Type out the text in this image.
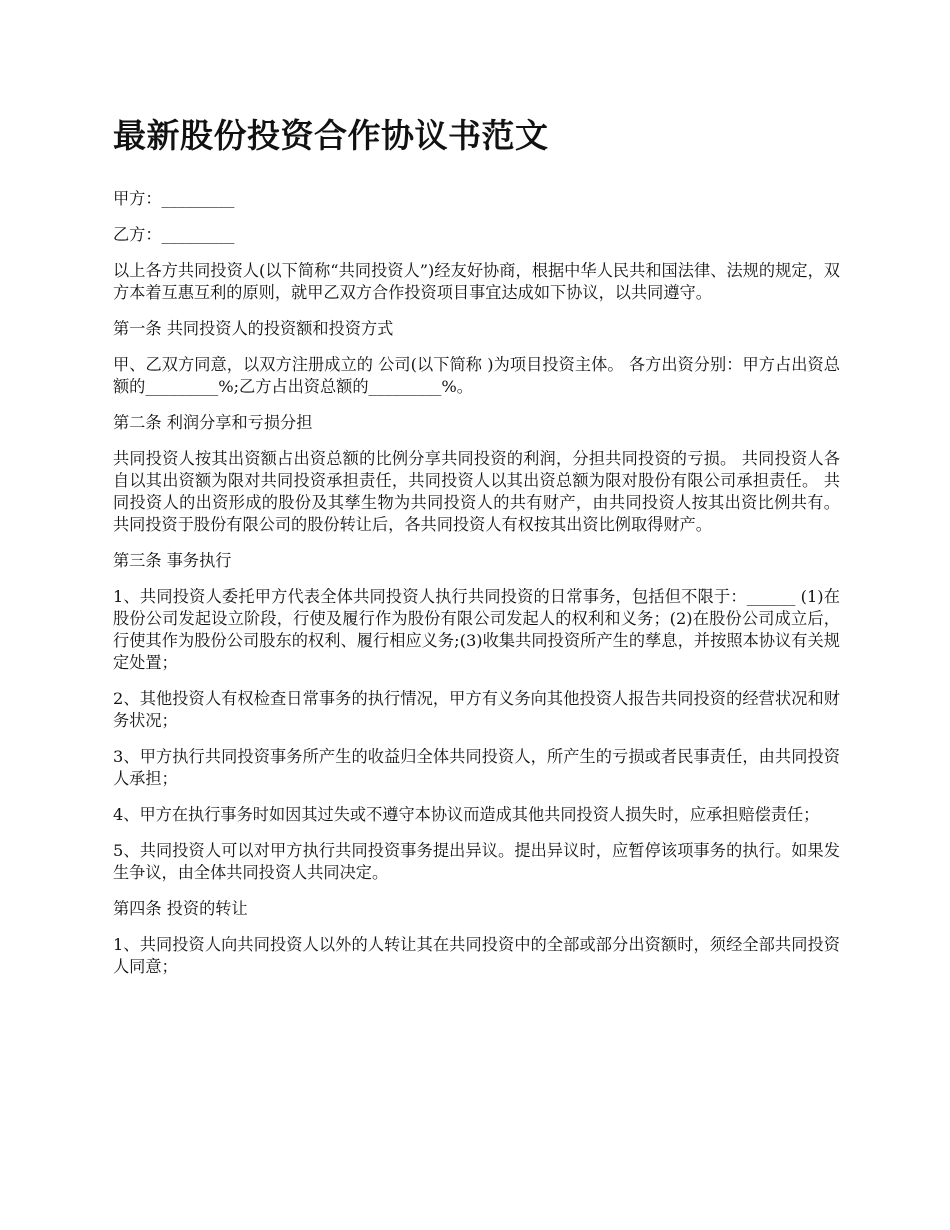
最新股份投资合作协议书范文

甲方：_________

乙方：_________

以上各方共同投资人(以下简称“共同投资人”)经友好协商，根据中华人民共和国法律、法规的规定，双方本着互惠互利的原则，就甲乙双方合作投资项目事宜达成如下协议，以共同遵守。

第一条 共同投资人的投资额和投资方式

甲、乙双方同意，以双方注册成立的 公司(以下简称 )为项目投资主体。 各方出资分别：甲方占出资总额的_________%;乙方占出资总额的_________%。

第二条 利润分享和亏损分担

共同投资人按其出资额占出资总额的比例分享共同投资的利润，分担共同投资的亏损。 共同投资人各自以其出资额为限对共同投资承担责任，共同投资人以其出资总额为限对股份有限公司承担责任。 共同投资人的出资形成的股份及其孳生物为共同投资人的共有财产，由共同投资人按其出资比例共有。 共同投资于股份有限公司的股份转让后，各共同投资人有权按其出资比例取得财产。

第三条 事务执行

1、共同投资人委托甲方代表全体共同投资人执行共同投资的日常事务，包括但不限于：______ (1)在股份公司发起设立阶段，行使及履行作为股份有限公司发起人的权利和义务；(2)在股份公司成立后，行使其作为股份公司股东的权利、履行相应义务;(3)收集共同投资所产生的孳息，并按照本协议有关规定处置；

2、其他投资人有权检查日常事务的执行情况，甲方有义务向其他投资人报告共同投资的经营状况和财务状况；

3、甲方执行共同投资事务所产生的收益归全体共同投资人，所产生的亏损或者民事责任，由共同投资人承担；

4、甲方在执行事务时如因其过失或不遵守本协议而造成其他共同投资人损失时，应承担赔偿责任；

5、共同投资人可以对甲方执行共同投资事务提出异议。提出异议时，应暂停该项事务的执行。如果发生争议，由全体共同投资人共同决定。

第四条 投资的转让

1、共同投资人向共同投资人以外的人转让其在共同投资中的全部或部分出资额时，须经全部共同投资人同意；
